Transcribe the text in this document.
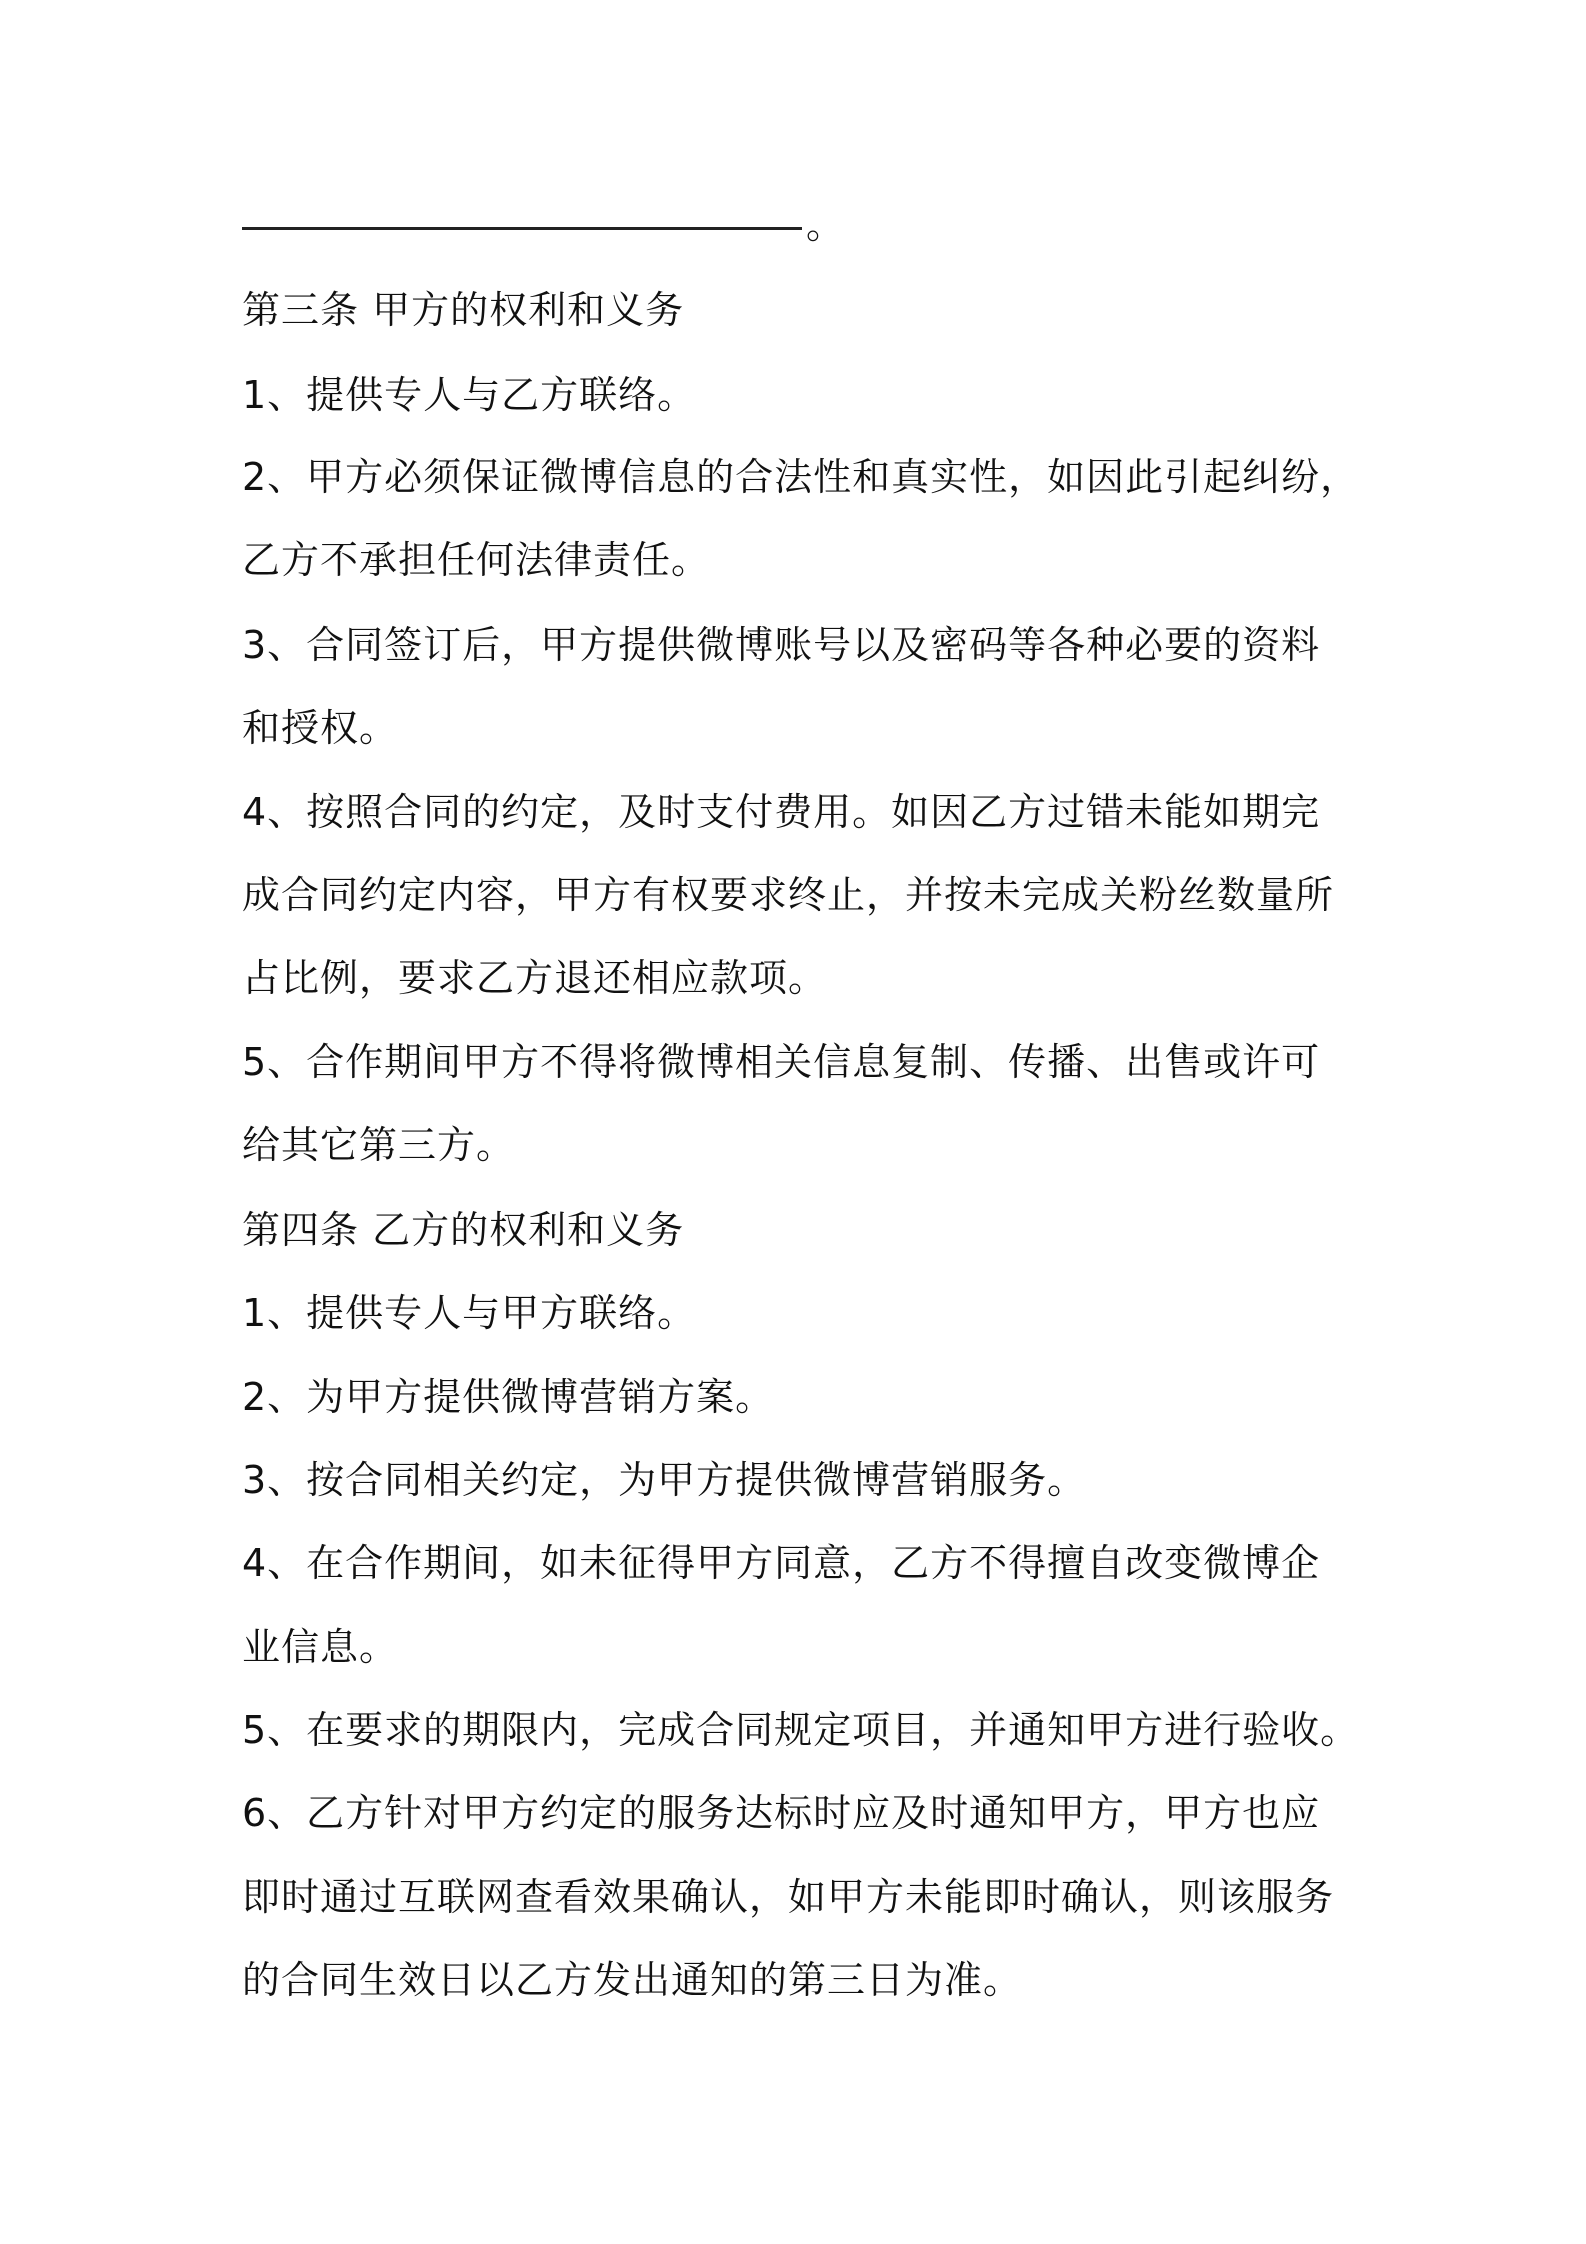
。
第三条 甲方的权利和义务
1、提供专人与乙方联络。
2、甲方必须保证微博信息的合法性和真实性，如因此引起纠纷，
乙方不承担任何法律责任。
3、合同签订后，甲方提供微博账号以及密码等各种必要的资料
和授权。
4、按照合同的约定，及时支付费用。如因乙方过错未能如期完
成合同约定内容，甲方有权要求终止，并按未完成关粉丝数量所
占比例，要求乙方退还相应款项。
5、合作期间甲方不得将微博相关信息复制、传播、出售或许可
给其它第三方。
第四条 乙方的权利和义务
1、提供专人与甲方联络。
2、为甲方提供微博营销方案。
3、按合同相关约定，为甲方提供微博营销服务。
4、在合作期间，如未征得甲方同意，乙方不得擅自改变微博企
业信息。
5、在要求的期限内，完成合同规定项目，并通知甲方进行验收。
6、乙方针对甲方约定的服务达标时应及时通知甲方，甲方也应
即时通过互联网查看效果确认，如甲方未能即时确认，则该服务
的合同生效日以乙方发出通知的第三日为准。
